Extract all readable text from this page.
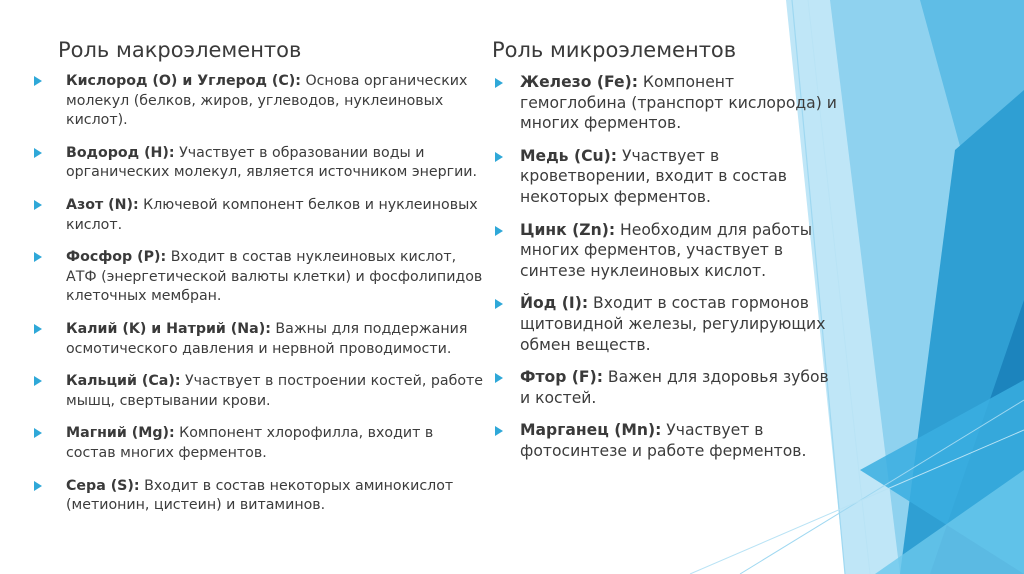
Роль макроэлементов
Кислород (O) и Углерод (C): Основа органических молекул (белков, жиров, углеводов, нуклеиновых кислот).
Водород (H): Участвует в образовании воды и органических молекул, является источником энергии.
Азот (N): Ключевой компонент белков и нуклеиновых кислот.
Фосфор (P): Входит в состав нуклеиновых кислот, АТФ (энергетической валюты клетки) и фосфолипидов клеточных мембран.
Калий (K) и Натрий (Na): Важны для поддержания осмотического давления и нервной проводимости.
Кальций (Ca): Участвует в построении костей, работе мышц, свертывании крови.
Магний (Mg): Компонент хлорофилла, входит в состав многих ферментов.
Сера (S): Входит в состав некоторых аминокислот (метионин, цистеин) и витаминов.
Роль микроэлементов
Железо (Fe): Компонент гемоглобина (транспорт кислорода) и многих ферментов.
Медь (Cu): Участвует в кроветворении, входит в состав некоторых ферментов.
Цинк (Zn): Необходим для работы многих ферментов, участвует в синтезе нуклеиновых кислот.
Йод (I): Входит в состав гормонов щитовидной железы, регулирующих обмен веществ.
Фтор (F): Важен для здоровья зубов и костей.
Марганец (Mn): Участвует в фотосинтезе и работе ферментов.
